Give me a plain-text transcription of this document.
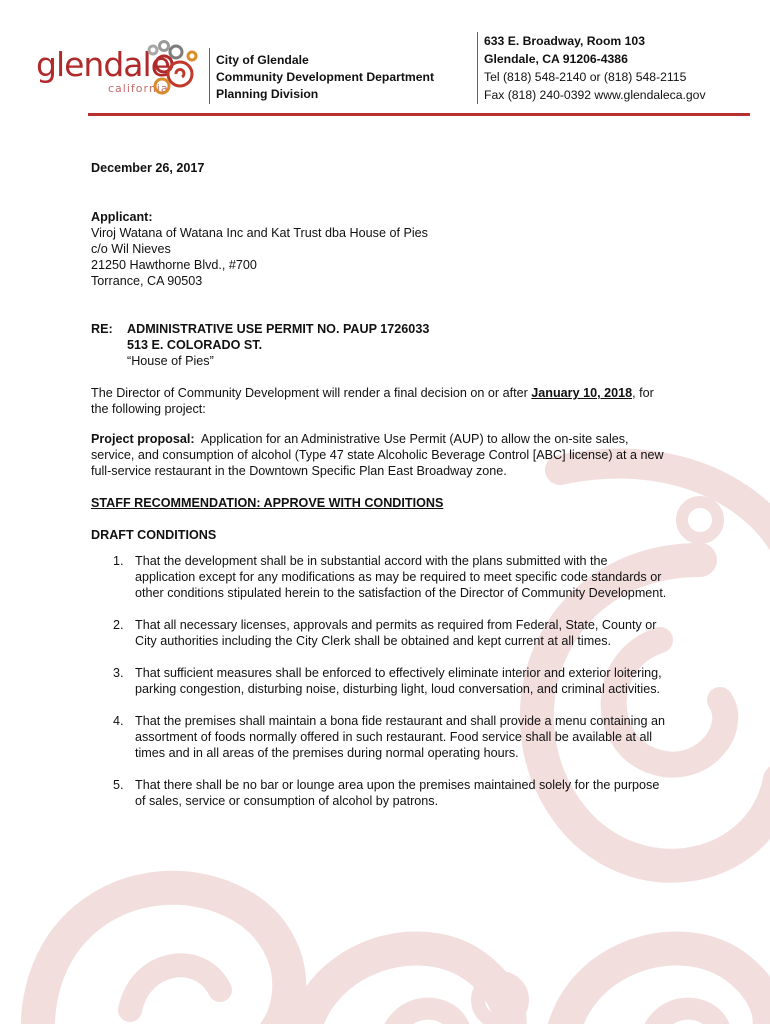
glendale
california
City of Glendale
Community Development Department
Planning Division
633 E. Broadway, Room 103
Glendale, CA 91206-4386
Tel (818) 548-2140 or (818) 548-2115
Fax (818) 240-0392 www.glendaleca.gov
December 26, 2017
Applicant:
Viroj Watana of Watana Inc and Kat Trust dba House of Pies
c/o Wil Nieves
21250 Hawthorne Blvd., #700
Torrance, CA 90503
RE: ADMINISTRATIVE USE PERMIT NO. PAUP 1726033
513 E. COLORADO ST.
“House of Pies”
The Director of Community Development will render a final decision on or after January 10, 2018, for the following project:
Project proposal:  Application for an Administrative Use Permit (AUP) to allow the on-site sales, service, and consumption of alcohol (Type 47 state Alcoholic Beverage Control [ABC] license) at a new full-service restaurant in the Downtown Specific Plan East Broadway zone.
STAFF RECOMMENDATION: APPROVE WITH CONDITIONS
DRAFT CONDITIONS
1. That the development shall be in substantial accord with the plans submitted with the application except for any modifications as may be required to meet specific code standards or other conditions stipulated herein to the satisfaction of the Director of Community Development.
2. That all necessary licenses, approvals and permits as required from Federal, State, County or City authorities including the City Clerk shall be obtained and kept current at all times.
3. That sufficient measures shall be enforced to effectively eliminate interior and exterior loitering, parking congestion, disturbing noise, disturbing light, loud conversation, and criminal activities.
4. That the premises shall maintain a bona fide restaurant and shall provide a menu containing an assortment of foods normally offered in such restaurant. Food service shall be available at all times and in all areas of the premises during normal operating hours.
5. That there shall be no bar or lounge area upon the premises maintained solely for the purpose of sales, service or consumption of alcohol by patrons.
